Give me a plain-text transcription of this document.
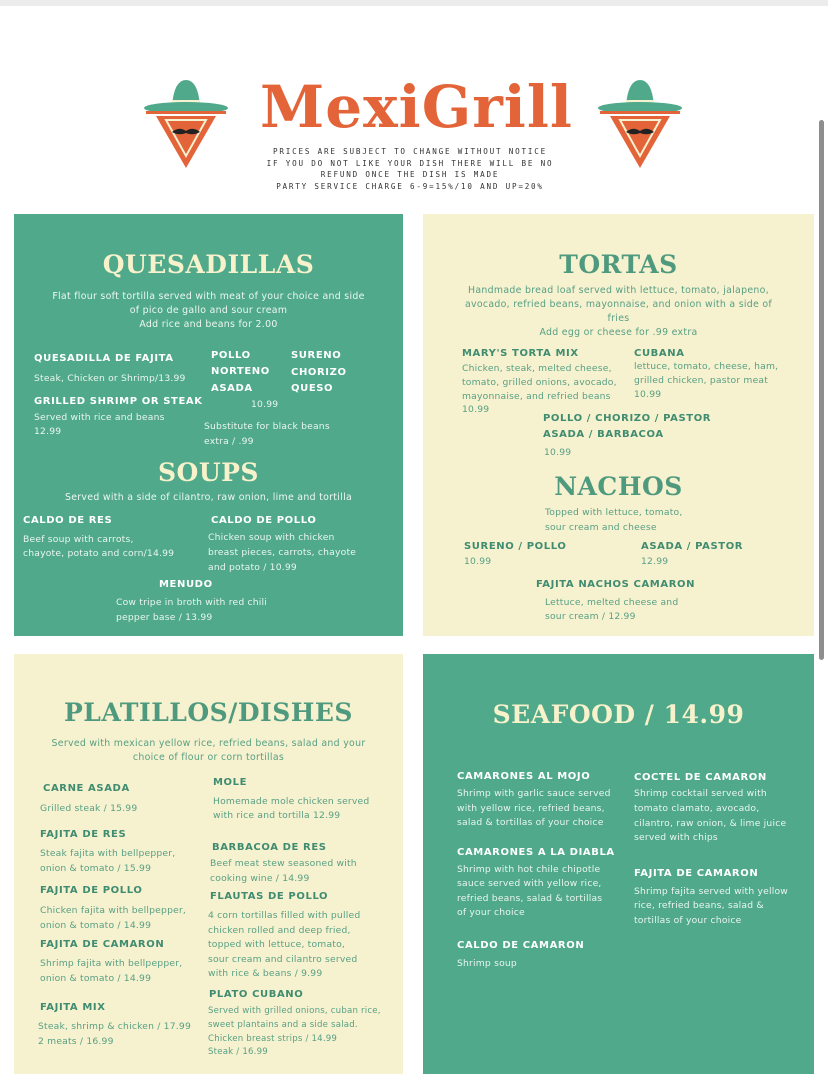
MexiGrill
PRICES ARE SUBJECT TO CHANGE WITHOUT NOTICE
IF YOU DO NOT LIKE YOUR DISH THERE WILL BE NO
REFUND ONCE THE DISH IS MADE
PARTY SERVICE CHARGE 6-9=15%/10 AND UP=20%
QUESADILLAS
Flat flour soft tortilla served with meat of your choice and side
of pico de gallo and sour cream
Add rice and beans for 2.00
QUESADILLA DE FAJITA
Steak, Chicken or Shrimp/13.99
GRILLED SHRIMP OR STEAK
Served with rice and beans
12.99
POLLO
NORTENO
ASADA
SURENO
CHORIZO
QUESO
10.99
Substitute for black beans
extra / .99
SOUPS
Served with a side of cilantro, raw onion, lime and tortilla
CALDO DE RES
Beef soup with carrots,
chayote, potato and corn/14.99
CALDO DE POLLO
Chicken soup with chicken
breast pieces, carrots, chayote
and potato / 10.99
MENUDO
Cow tripe in broth with red chili
pepper base / 13.99
TORTAS
Handmade bread loaf served with lettuce, tomato, jalapeno,
avocado, refried beans, mayonnaise, and onion with a side of
fries
Add egg or cheese for .99 extra
MARY'S TORTA MIX
Chicken, steak, melted cheese,
tomato, grilled onions, avocado,
mayonnaise, and refried beans
10.99
CUBANA
lettuce, tomato, cheese, ham,
grilled chicken, pastor meat
10.99
POLLO / CHORIZO / PASTOR
ASADA / BARBACOA
10.99
NACHOS
Topped with lettuce, tomato,
sour cream and cheese
SURENO / POLLO
10.99
ASADA / PASTOR
12.99
FAJITA NACHOS CAMARON
Lettuce, melted cheese and
sour cream / 12.99
PLATILLOS/DISHES
Served with mexican yellow rice, refried beans, salad and your
choice of flour or corn tortillas
CARNE ASADA
Grilled steak / 15.99
FAJITA DE RES
Steak fajita with bellpepper,
onion & tomato / 15.99
FAJITA DE POLLO
Chicken fajita with bellpepper,
onion & tomato / 14.99
FAJITA DE CAMARON
Shrimp fajita with bellpepper,
onion & tomato / 14.99
FAJITA MIX
Steak, shrimp & chicken / 17.99
2 meats / 16.99
MOLE
Homemade mole chicken served
with rice and tortilla 12.99
BARBACOA DE RES
Beef meat stew seasoned with
cooking wine / 14.99
FLAUTAS DE POLLO
4 corn tortillas filled with pulled
chicken rolled and deep fried,
topped with lettuce, tomato,
sour cream and cilantro served
with rice & beans / 9.99
PLATO CUBANO
Served with grilled onions, cuban rice,
sweet plantains and a side salad.
Chicken breast strips / 14.99
Steak / 16.99
SEAFOOD / 14.99
CAMARONES AL MOJO
Shrimp with garlic sauce served
with yellow rice, refried beans,
salad & tortillas of your choice
CAMARONES A LA DIABLA
Shrimp with hot chile chipotle
sauce served with yellow rice,
refried beans, salad & tortillas
of your choice
CALDO DE CAMARON
Shrimp soup
COCTEL DE CAMARON
Shrimp cocktail served with
tomato clamato, avocado,
cilantro, raw onion, & lime juice
served with chips
FAJITA DE CAMARON
Shrimp fajita served with yellow
rice, refried beans, salad &
tortillas of your choice
